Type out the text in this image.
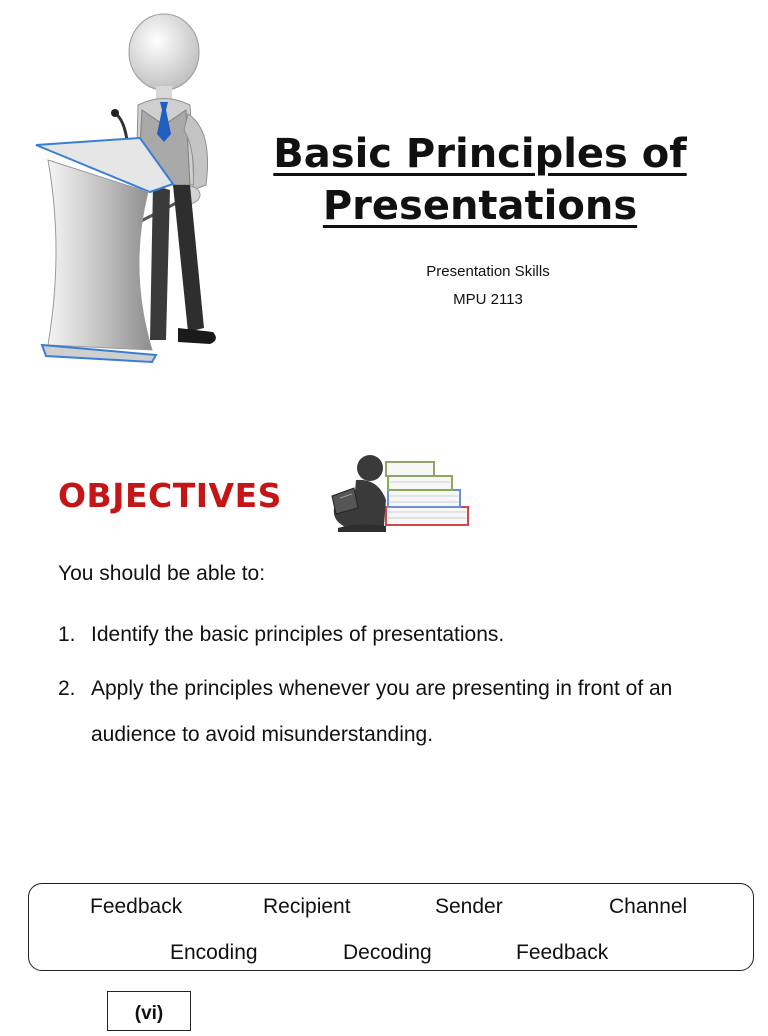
Basic Principles of
Presentations
Presentation Skills
MPU 2113
OBJECTIVES
You should be able to:
1. Identify the basic principles of presentations.
2. Apply the principles whenever you are presenting in front of an audience to avoid misunderstanding.
Feedback	Recipient	Sender	Channel
Encoding	Decoding	Feedback
(vi)
